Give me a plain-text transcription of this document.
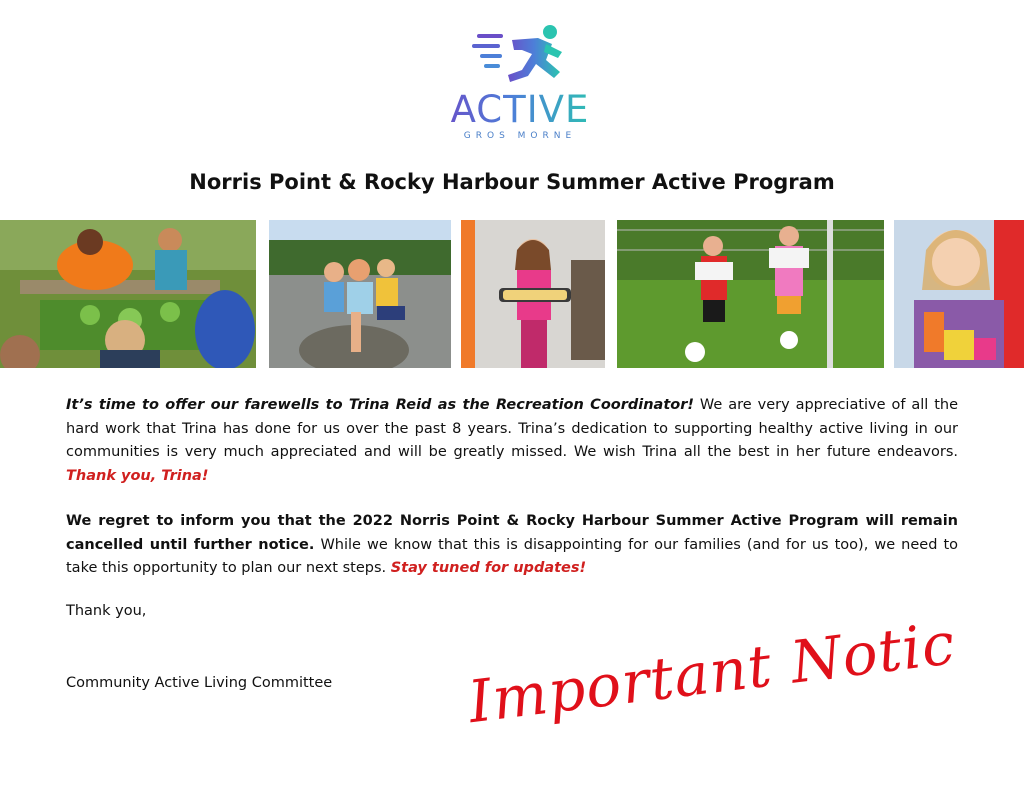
ACTIVE
GROS MORNE
Norris Point & Rocky Harbour Summer Active Program
It’s time to offer our farewells to Trina Reid as the Recreation Coordinator! We are very appreciative of all the hard work that Trina has done for us over the past 8 years. Trina’s dedication to supporting healthy active living in our communities is very much appreciated and will be greatly missed. We wish Trina all the best in her future endeavors. Thank you, Trina!
We regret to inform you that the 2022 Norris Point & Rocky Harbour Summer Active Program will remain cancelled until further notice. While we know that this is disappointing for our families (and for us too), we need to take this opportunity to plan our next steps. Stay tuned for updates!
Thank you,
Community Active Living Committee Important Notice
